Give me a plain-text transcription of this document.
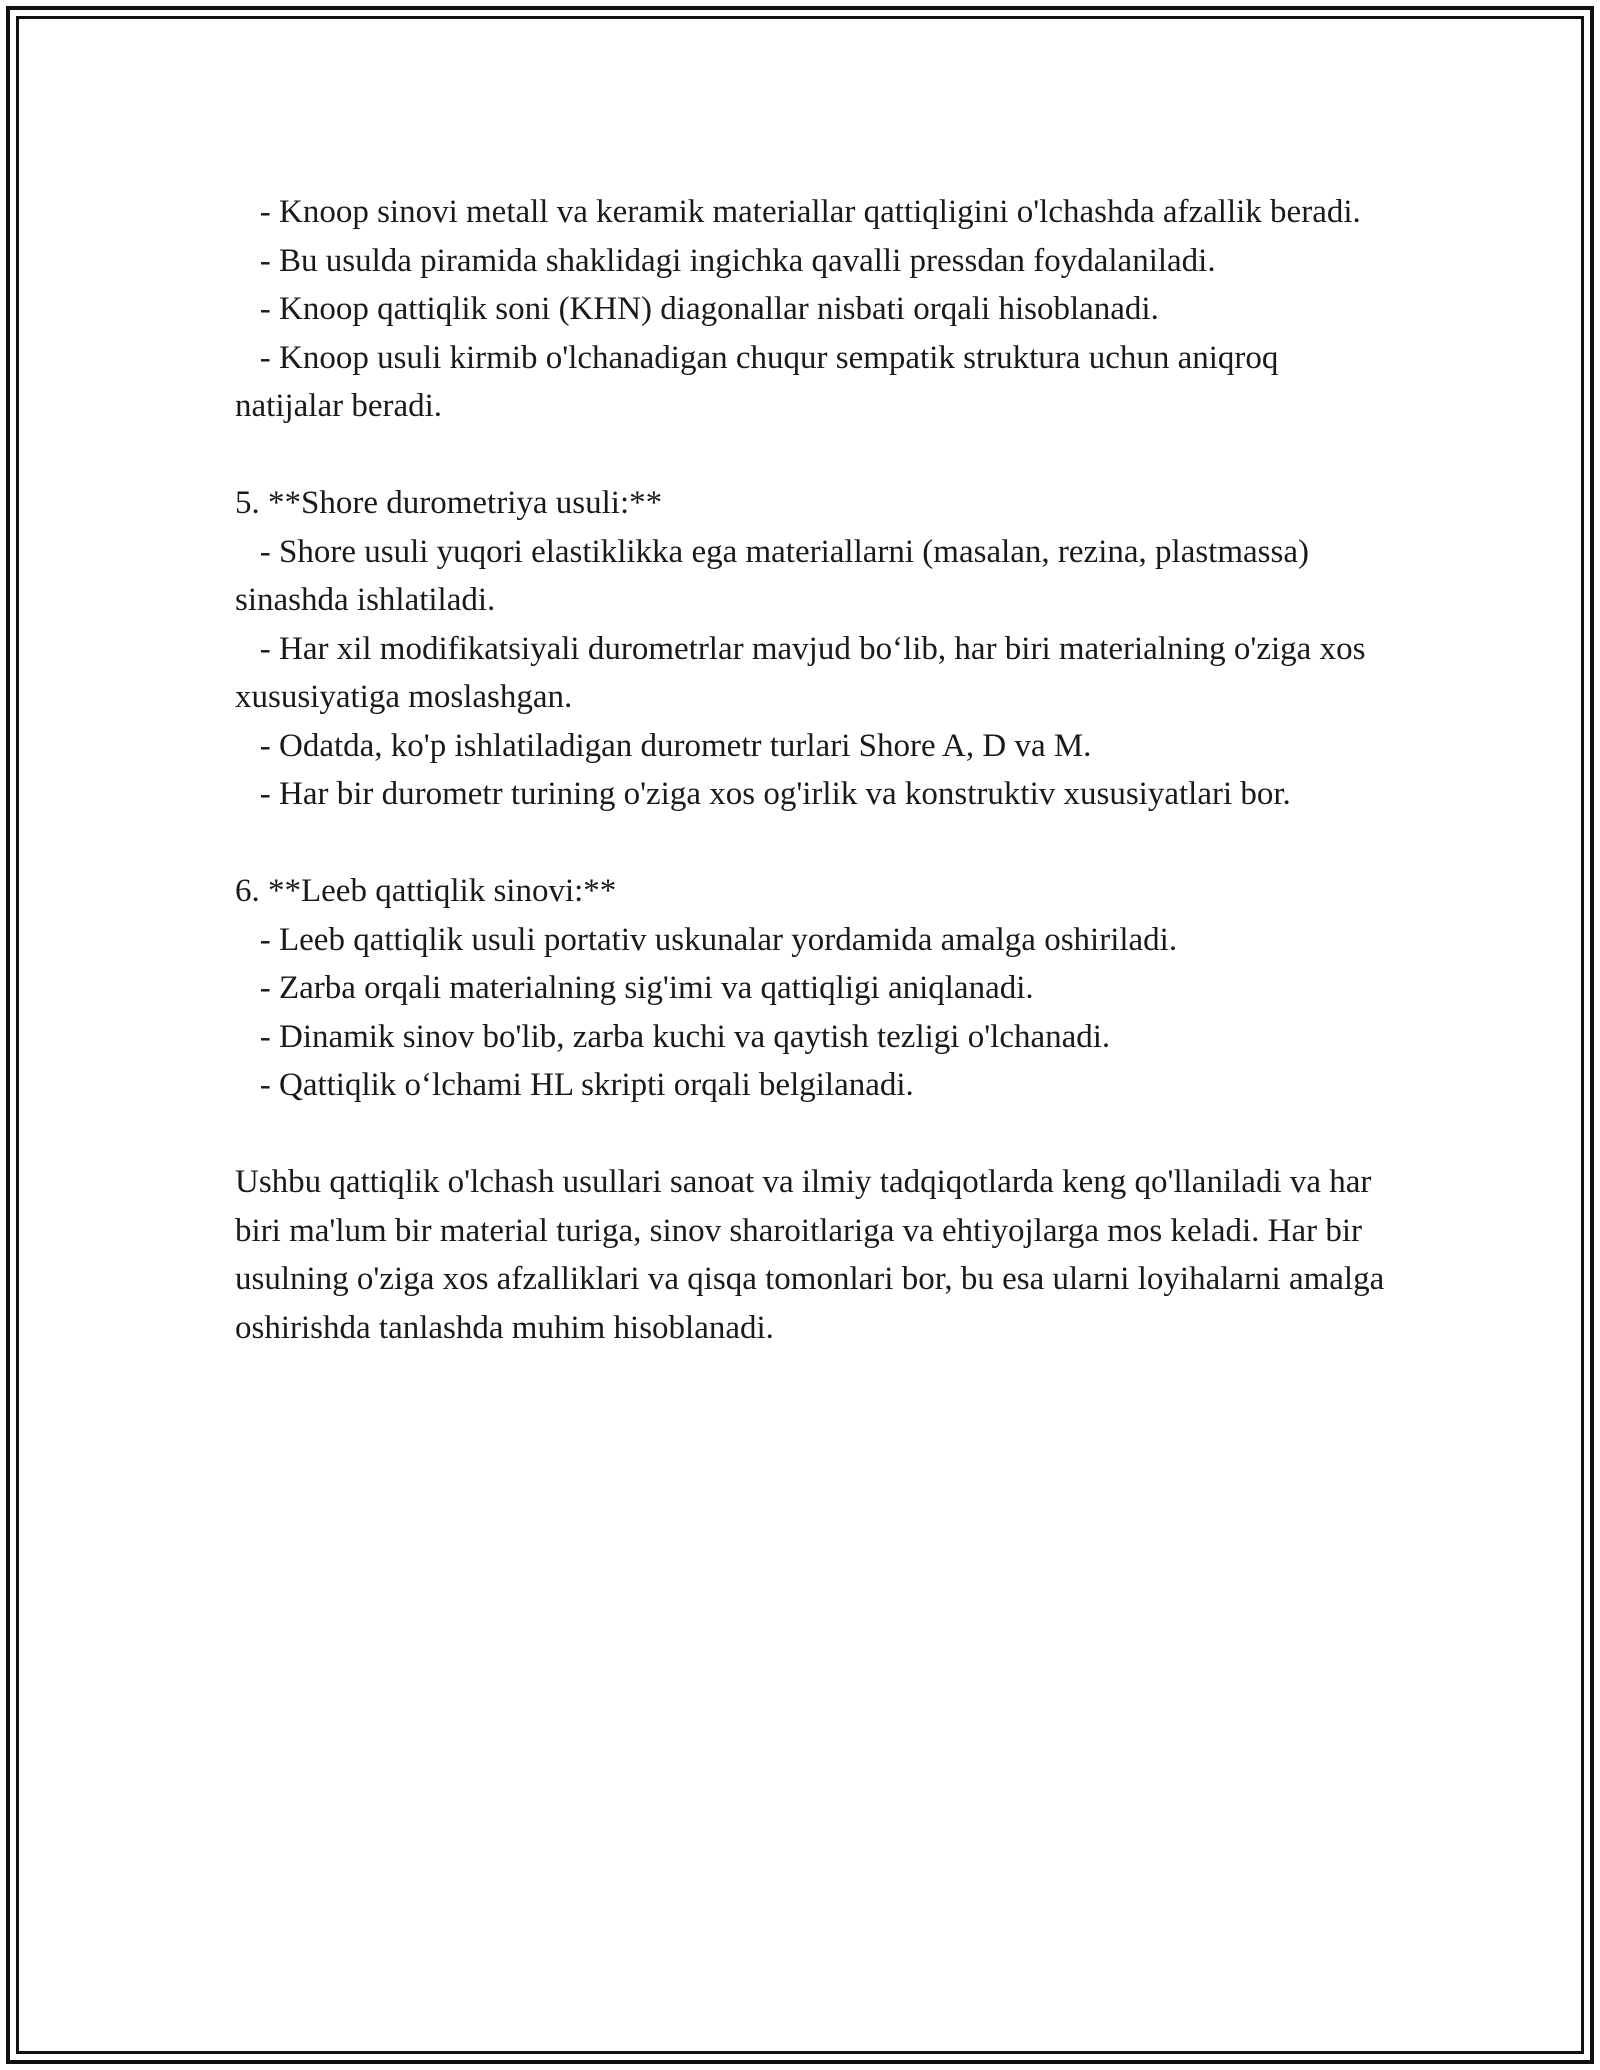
- Knoop sinovi metall va keramik materiallar qattiqligini o'lchashda afzallik beradi.

- Bu usulda piramida shaklidagi ingichka qavalli pressdan foydalaniladi.

- Knoop qattiqlik soni (KHN) diagonallar nisbati orqali hisoblanadi.

- Knoop usuli kirmib o'lchanadigan chuqur sempatik struktura uchun aniqroq natijalar beradi.

5. **Shore durometriya usuli:**

- Shore usuli yuqori elastiklikka ega materiallarni (masalan, rezina, plastmassa) sinashda ishlatiladi.

- Har xil modifikatsiyali durometrlar mavjud bo‘lib, har biri materialning o'ziga xos xususiyatiga moslashgan.

- Odatda, ko'p ishlatiladigan durometr turlari Shore A, D va M.

- Har bir durometr turining o'ziga xos og'irlik va konstruktiv xususiyatlari bor.

6. **Leeb qattiqlik sinovi:**

- Leeb qattiqlik usuli portativ uskunalar yordamida amalga oshiriladi.

- Zarba orqali materialning sig'imi va qattiqligi aniqlanadi.

- Dinamik sinov bo'lib, zarba kuchi va qaytish tezligi o'lchanadi.

- Qattiqlik o‘lchami HL skripti orqali belgilanadi.

Ushbu qattiqlik o'lchash usullari sanoat va ilmiy tadqiqotlarda keng qo'llaniladi va har biri ma'lum bir material turiga, sinov sharoitlariga va ehtiyojlarga mos keladi. Har bir usulning o'ziga xos afzalliklari va qisqa tomonlari bor, bu esa ularni loyihalarni amalga oshirishda tanlashda muhim hisoblanadi.
